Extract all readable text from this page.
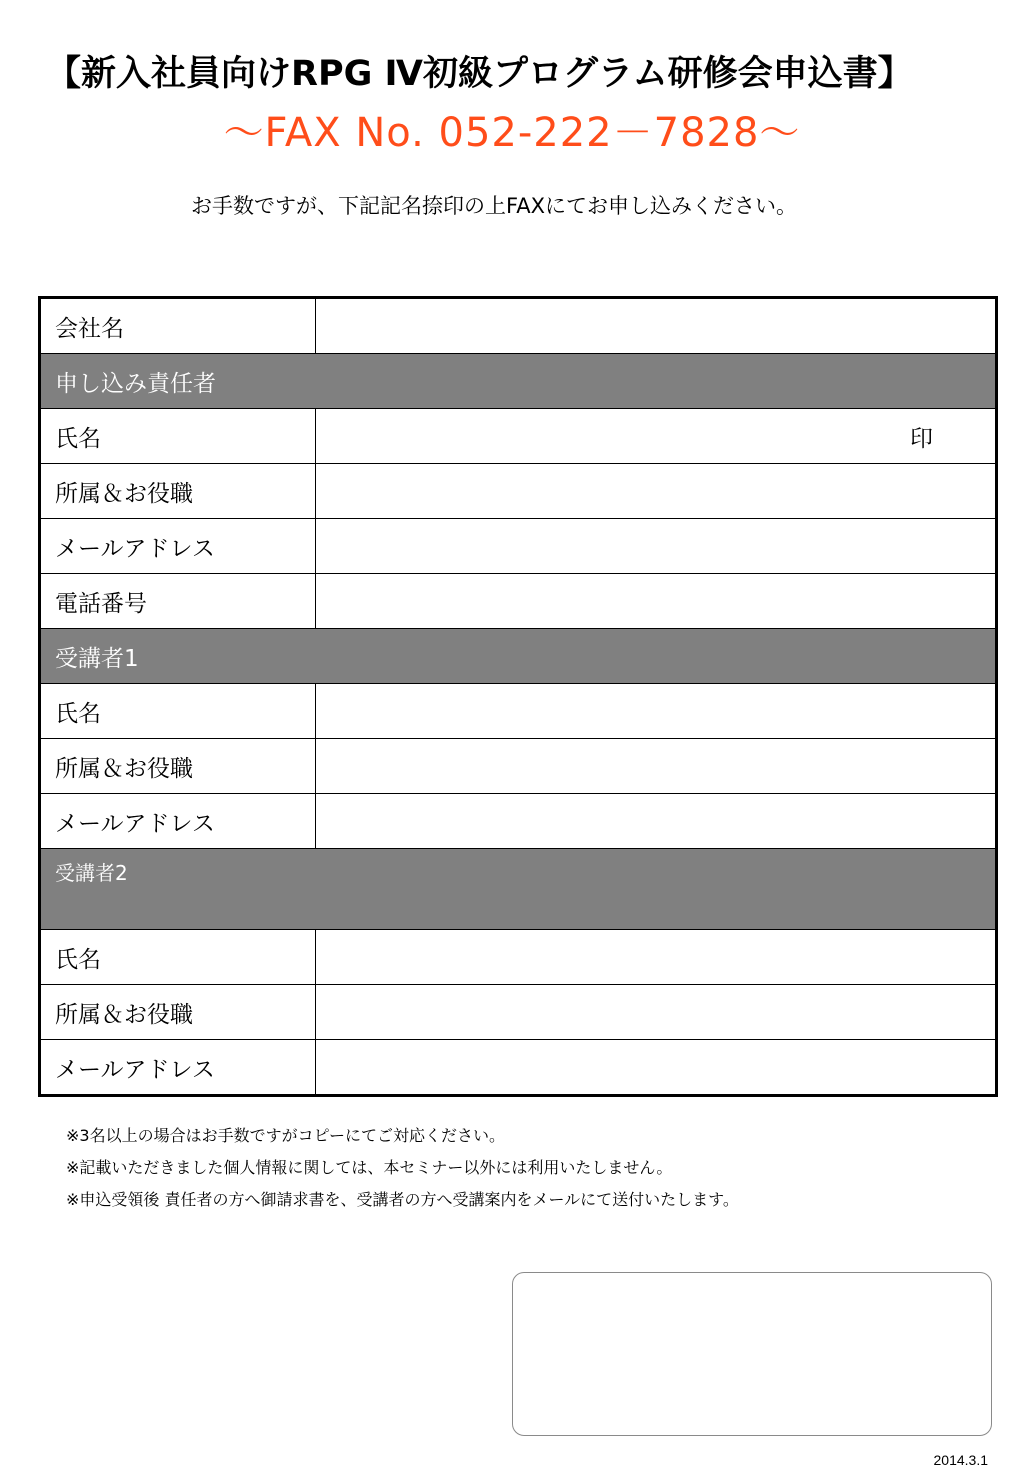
【新入社員向けRPG Ⅳ初級プログラム研修会申込書】
～FAX No. 052-222－7828～
お手数ですが、下記記名捺印の上FAXにてお申し込みください。
会社名	
申し込み責任者	
氏名	印

所属＆お役職	
メールアドレス	
電話番号	
受講者1	
氏名	
所属＆お役職	
メールアドレス	
受講者2	
氏名	
所属＆お役職	
メールアドレス	
※3名以上の場合はお手数ですがコピーにてご対応ください。
※記載いただきました個人情報に関しては、本セミナー以外には利用いたしません。
※申込受領後 責任者の方へ御請求書を、受講者の方へ受講案内をメールにて送付いたします。
2014.3.1
